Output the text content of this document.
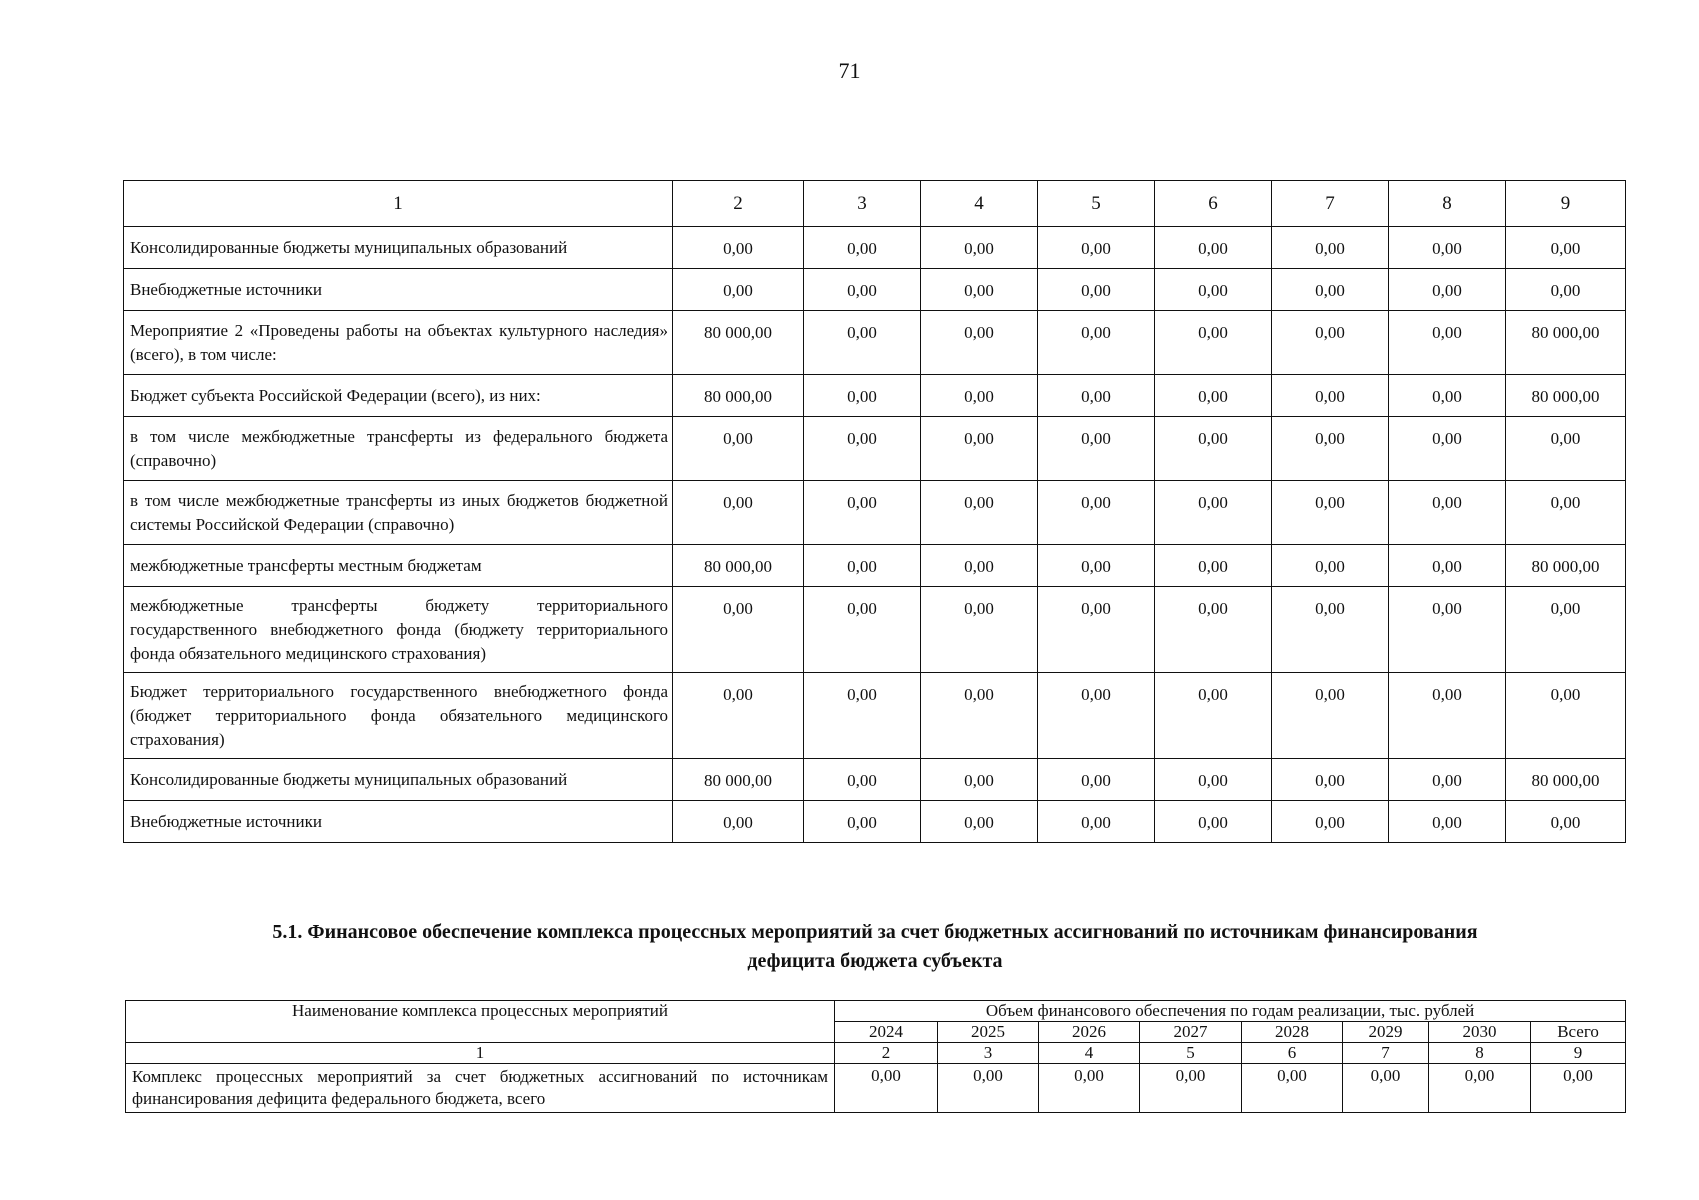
71
1	2	3	4	5	6	7	8	9
Консолидированные бюджеты муниципальных образований	0,00	0,00	0,00	0,00	0,00	0,00	0,00	0,00
Внебюджетные источники	0,00	0,00	0,00	0,00	0,00	0,00	0,00	0,00
Мероприятие 2 «Проведены работы на объектах культурного наследия» (всего), в том числе:	80 000,00	0,00	0,00	0,00	0,00	0,00	0,00	80 000,00
Бюджет субъекта Российской Федерации (всего), из них:	80 000,00	0,00	0,00	0,00	0,00	0,00	0,00	80 000,00
в том числе межбюджетные трансферты из федерального бюджета (справочно)	0,00	0,00	0,00	0,00	0,00	0,00	0,00	0,00
в том числе межбюджетные трансферты из иных бюджетов бюджетной системы Российской Федерации (справочно)	0,00	0,00	0,00	0,00	0,00	0,00	0,00	0,00
межбюджетные трансферты местным бюджетам	80 000,00	0,00	0,00	0,00	0,00	0,00	0,00	80 000,00
межбюджетные трансферты бюджету территориального государственного внебюджетного фонда (бюджету территориального фонда обязательного медицинского страхования)	0,00	0,00	0,00	0,00	0,00	0,00	0,00	0,00
Бюджет территориального государственного внебюджетного фонда (бюджет территориального фонда обязательного медицинского страхования)	0,00	0,00	0,00	0,00	0,00	0,00	0,00	0,00
Консолидированные бюджеты муниципальных образований	80 000,00	0,00	0,00	0,00	0,00	0,00	0,00	80 000,00
Внебюджетные источники	0,00	0,00	0,00	0,00	0,00	0,00	0,00	0,00
5.1. Финансовое обеспечение комплекса процессных мероприятий за счет бюджетных ассигнований по источникам финансирования
дефицита бюджета субъекта
Наименование комплекса процессных мероприятий	Объем финансового обеспечения по годам реализации, тыс. рублей							
	2024	2025	2026	2027	2028	2029	2030	Всего
1	2	3	4	5	6	7	8	9
Комплекс процессных мероприятий за счет бюджетных ассигнований по источникам финансирования дефицита федерального бюджета, всего	0,00	0,00	0,00	0,00	0,00	0,00	0,00	0,00
